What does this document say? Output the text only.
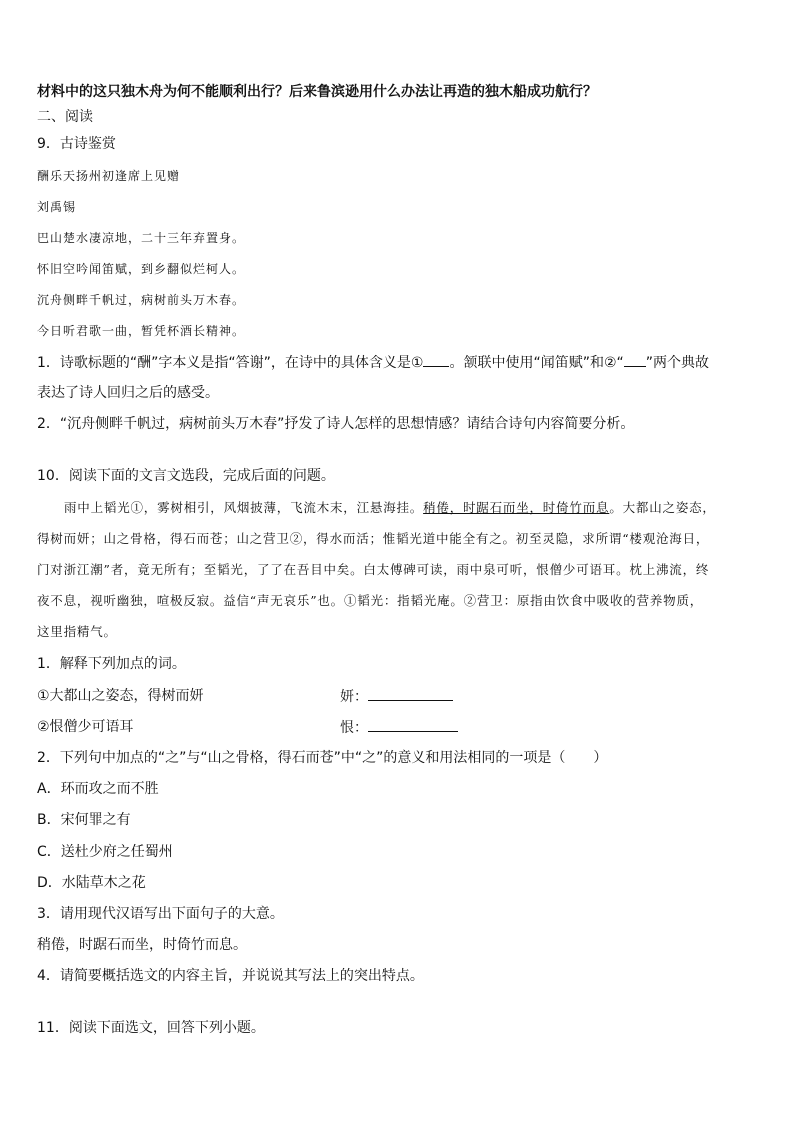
材料中的这只独木舟为何不能顺利出行？后来鲁滨逊用什么办法让再造的独木船成功航行？
二、阅读
9．古诗鉴赏
酬乐天扬州初逢席上见赠
刘禹锡
巴山楚水凄凉地，二十三年弃置身。
怀旧空吟闻笛赋，到乡翻似烂柯人。
沉舟侧畔千帆过，病树前头万木春。
今日听君歌一曲，暂凭杯酒长精神。
1．诗歌标题的“酬”字本义是指“答谢”，在诗中的具体含义是① 。颔联中使用“闻笛赋”和②“ ”两个典故
表达了诗人回归之后的感受。
2．“沉舟侧畔千帆过，病树前头万木春”抒发了诗人怎样的思想情感？请结合诗句内容简要分析。
10．阅读下面的文言文选段，完成后面的问题。
雨中上韬光①，雾树相引，风烟披薄，飞流木末，江悬海挂。稍倦，时踞石而坐，时倚竹而息。大都山之姿态，
得树而妍；山之骨格，得石而苍；山之营卫②，得水而活；惟韬光道中能全有之。初至灵隐，求所谓“楼观沧海日，
门对浙江潮”者，竟无所有；至韬光，了了在吾目中矣。白太傅碑可读，雨中泉可听，恨僧少可语耳。枕上沸流，终
夜不息，视听幽独，喧极反寂。益信“声无哀乐”也。①韬光：指韬光庵。②营卫：原指由饮食中吸收的营养物质，
这里指精气。
1．解释下列加点的词。
①大都山之姿态，得树而妍	妍：
②恨僧少可语耳	恨：
2．下列句中加点的“之”与“山之骨格，得石而苍”中“之”的意义和用法相同的一项是（　　）
A．环而攻之而不胜
B．宋何罪之有
C．送杜少府之任蜀州
D．水陆草木之花
3．请用现代汉语写出下面句子的大意。
稍倦，时踞石而坐，时倚竹而息。
4．请简要概括选文的内容主旨，并说说其写法上的突出特点。
11．阅读下面选文，回答下列小题。
